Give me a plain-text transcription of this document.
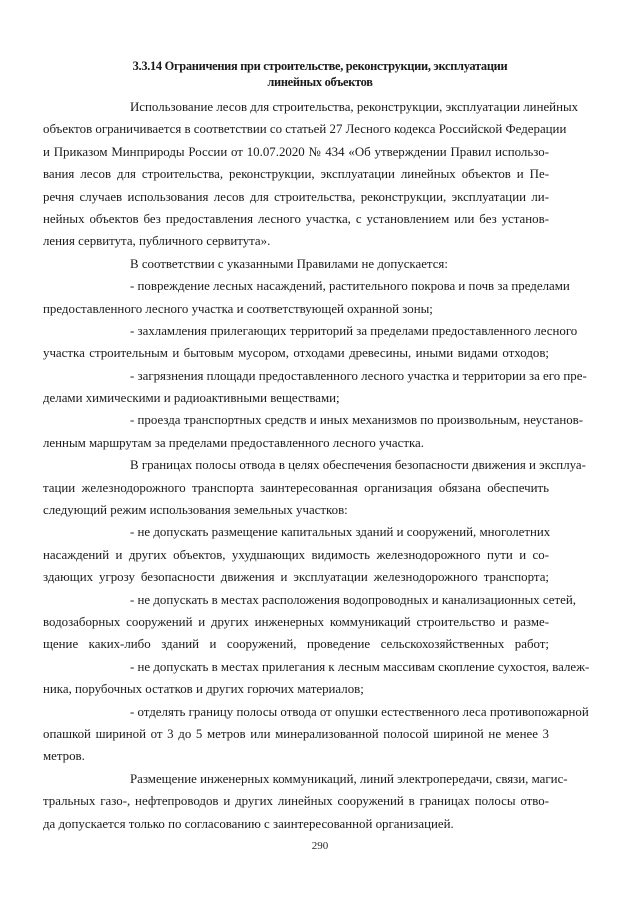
3.3.14 Ограничения при строительстве, реконструкции, эксплуатации
линейных объектов
Использование лесов для строительства, реконструкции, эксплуатации линейных
объектов ограничивается в соответствии со статьей 27 Лесного кодекса Российской Федерации
и Приказом Минприроды России от 10.07.2020 № 434 «Об утверждении Правил использо-
вания лесов для строительства, реконструкции, эксплуатации линейных объектов и Пе-
речня случаев использования лесов для строительства, реконструкции, эксплуатации ли-
нейных объектов без предоставления лесного участка, с установлением или без установ-
ления сервитута, публичного сервитута».
В соответствии с указанными Правилами не допускается:
- повреждение лесных насаждений, растительного покрова и почв за пределами
предоставленного лесного участка и соответствующей охранной зоны;
- захламления прилегающих территорий за пределами предоставленного лесного
участка строительным и бытовым мусором, отходами древесины, иными видами отходов;
- загрязнения площади предоставленного лесного участка и территории за его пре-
делами химическими и радиоактивными веществами;
- проезда транспортных средств и иных механизмов по произвольным, неустанов-
ленным маршрутам за пределами предоставленного лесного участка.
В границах полосы отвода в целях обеспечения безопасности движения и эксплуа-
тации железнодорожного транспорта заинтересованная организация обязана обеспечить
следующий режим использования земельных участков:
- не допускать размещение капитальных зданий и сооружений, многолетних
насаждений и других объектов, ухудшающих видимость железнодорожного пути и со-
здающих угрозу безопасности движения и эксплуатации железнодорожного транспорта;
- не допускать в местах расположения водопроводных и канализационных сетей,
водозаборных сооружений и других инженерных коммуникаций строительство и разме-
щение каких-либо зданий и сооружений, проведение сельскохозяйственных работ;
- не допускать в местах прилегания к лесным массивам скопление сухостоя, валеж-
ника, порубочных остатков и других горючих материалов;
- отделять границу полосы отвода от опушки естественного леса противопожарной
опашкой шириной от 3 до 5 метров или минерализованной полосой шириной не менее 3
метров.
Размещение инженерных коммуникаций, линий электропередачи, связи, магис-
тральных газо-, нефтепроводов и других линейных сооружений в границах полосы отво-
да допускается только по согласованию с заинтересованной организацией.
290
